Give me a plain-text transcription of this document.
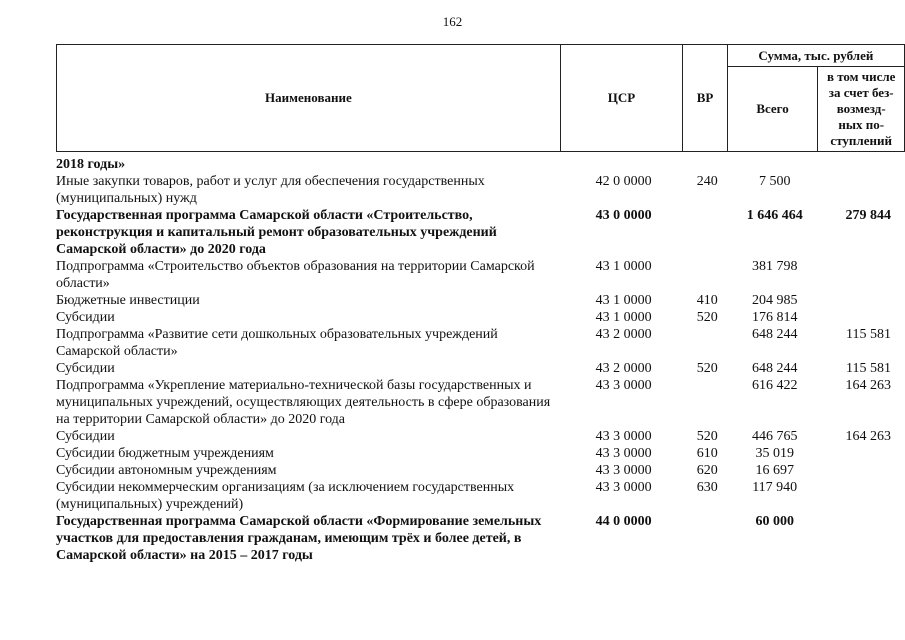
162
Наименование	ЦСР	ВР	Сумма, тыс. рублей	
			Всего	в том числе
за счет без-
возмезд-
ных по-
ступлений
2018 годы»				
Иные закупки товаров, работ и услуг для обеспечения государственных (муниципальных) нужд	42 0 0000	240	7 500	
Государственная программа Самарской области «Строительство, реконструкция и капитальный ремонт образовательных учреждений Самарской области» до 2020 года	43 0 0000		1 646 464	279 844
Подпрограмма «Строительство объектов образования на территории Самарской области»	43 1 0000		381 798	
Бюджетные инвестиции	43 1 0000	410	204 985	
Субсидии	43 1 0000	520	176 814	
Подпрограмма «Развитие сети дошкольных образовательных учреждений Самарской области»	43 2 0000		648 244	115 581
Субсидии	43 2 0000	520	648 244	115 581
Подпрограмма «Укрепление материально-технической базы государственных и муниципальных учреждений, осуществляющих деятельность в сфере образования на территории Самарской области» до 2020 года	43 3 0000		616 422	164 263
Субсидии	43 3 0000	520	446 765	164 263
Субсидии бюджетным учреждениям	43 3 0000	610	35 019	
Субсидии автономным учреждениям	43 3 0000	620	16 697	
Субсидии некоммерческим организациям (за исключением государственных (муниципальных) учреждений)	43 3 0000	630	117 940	
Государственная программа Самарской области «Формирование земельных участков для предоставления гражданам, имеющим трёх и более детей, в Самарской области» на 2015 – 2017 годы	44 0 0000		60 000	
